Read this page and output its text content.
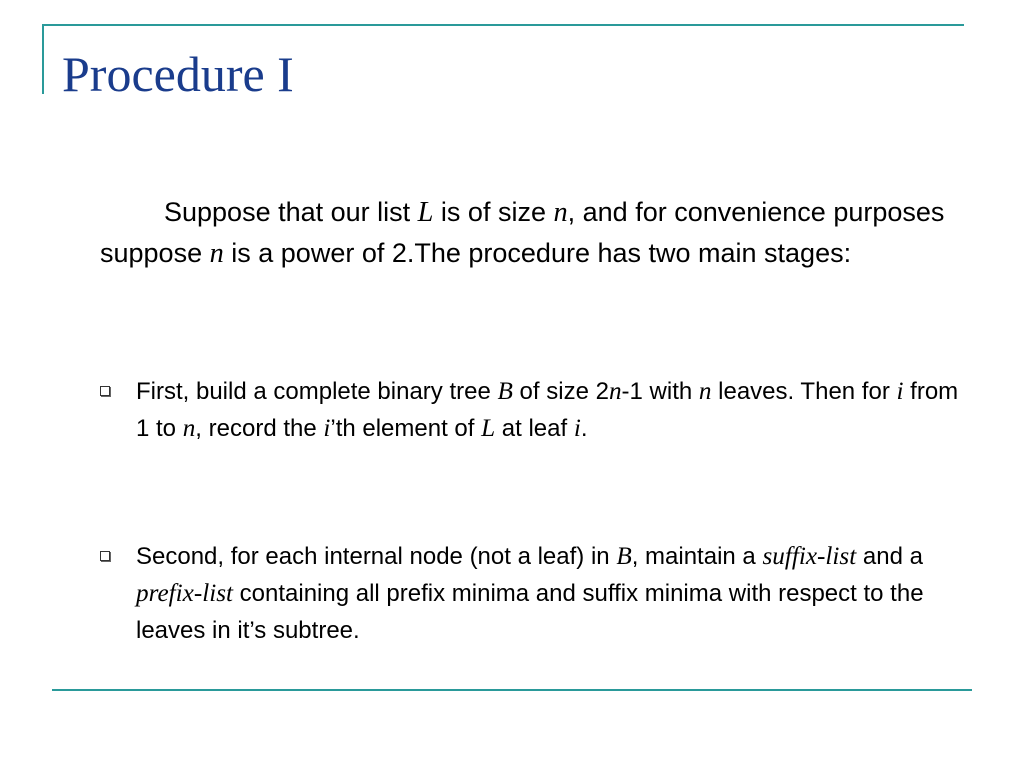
Procedure I
Suppose that our list L is of size n, and for convenience purposes suppose n is a power of 2.The procedure has two main stages:
First, build a complete binary tree B of size 2n-1 with n leaves. Then for i from 1 to n, record the i’th element of L at leaf i.
Second, for each internal node (not a leaf) in B, maintain a suffix-list and a prefix-list containing all prefix minima and suffix minima with respect to the leaves in it’s subtree.
